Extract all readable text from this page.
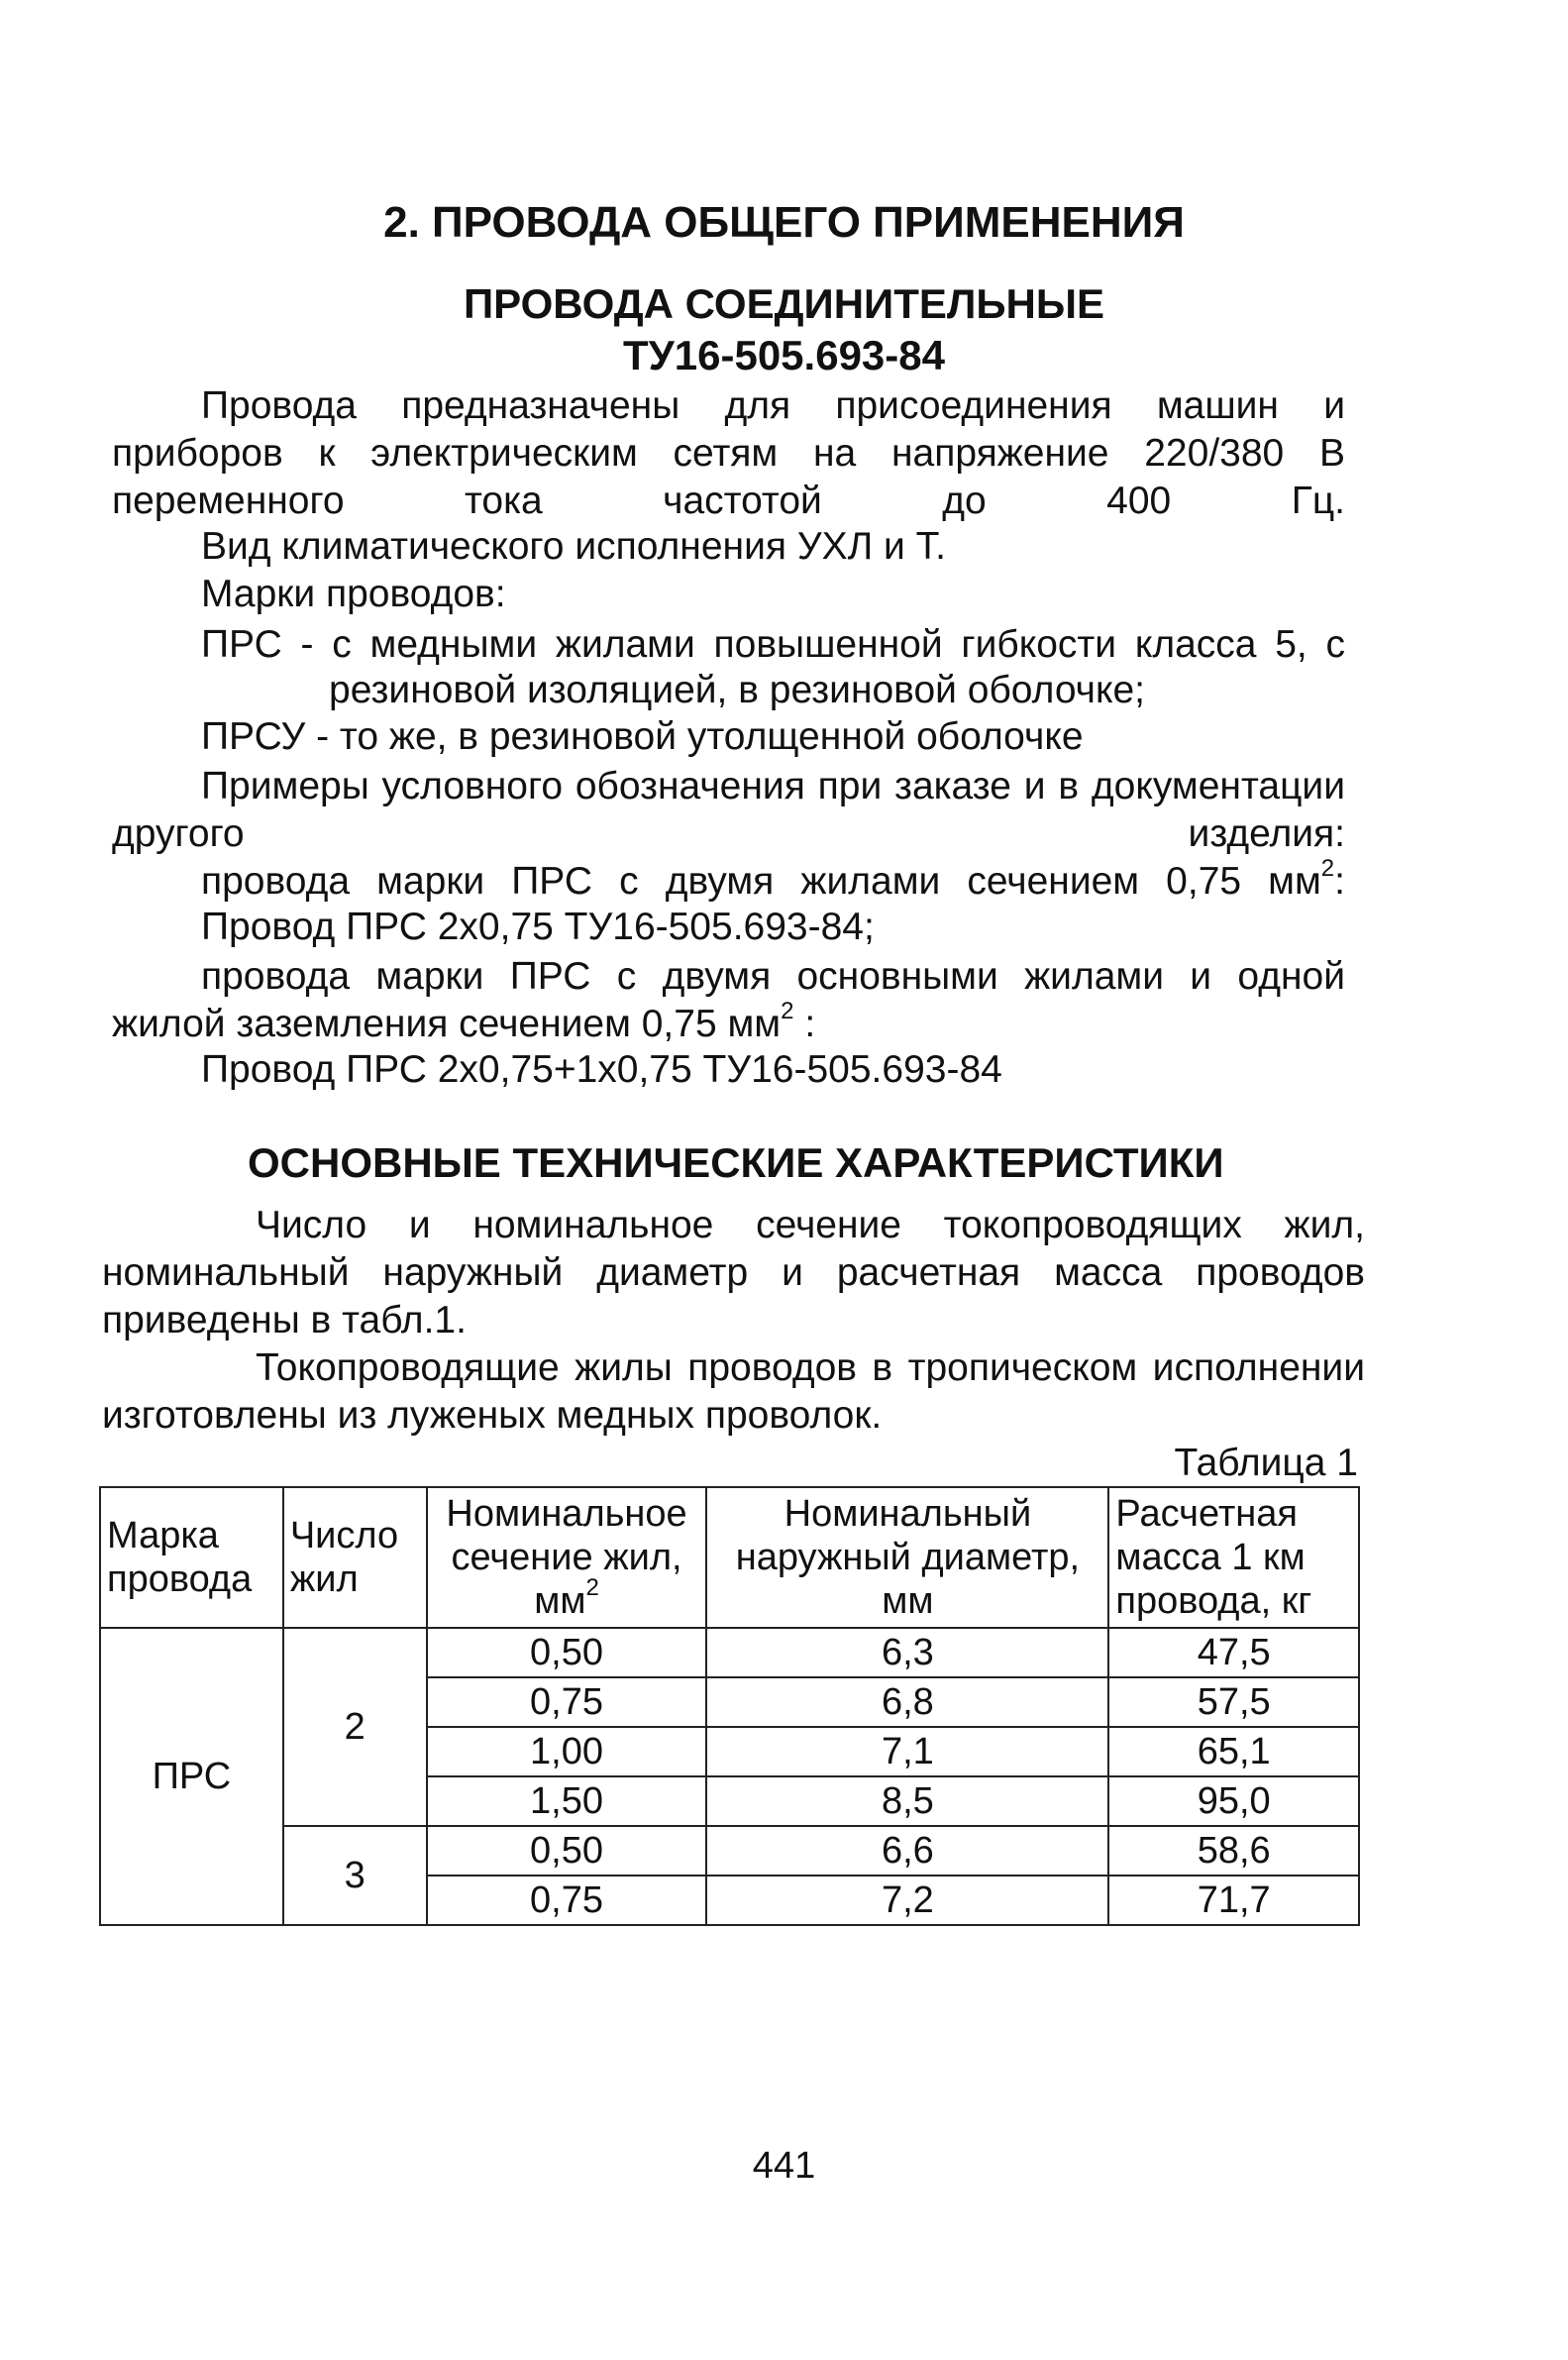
2. ПРОВОДА ОБЩЕГО ПРИМЕНЕНИЯ
ПРОВОДА СОЕДИНИТЕЛЬНЫЕ
ТУ16-505.693-84

Провода предназначены для присоединения машин и приборов к электрическим сетям на напряжение 220/380 В переменного тока частотой до 400 Гц.

Вид климатического исполнения УХЛ и Т.
Марки проводов:

ПРС - с медными жилами повышенной гибкости класса 5, с

резиновой изоляцией, в резиновой оболочке;
ПРСУ - то же, в резиновой утолщенной оболочке

Примеры условного обозначения при заказе и в документации другого изделия:

провода марки ПРС с двумя жилами сечением 0,75 $мм^2$:

Провод ПРС 2х0,75 ТУ16-505.693-84;

провода марки ПРС с двумя основными жилами и одной жилой заземления сечением 0,75 $мм^2$ :

Провод ПРС 2х0,75+1х0,75 ТУ16-505.693-84
ОСНОВНЫЕ ТЕХНИЧЕСКИЕ ХАРАКТЕРИСТИКИ

Число и номинальное сечение токопроводящих жил, номинальный наружный диаметр и расчетная масса проводов приведены в табл.1.

Токопроводящие жилы проводов в тропическом исполнении изготовлены из луженых медных проволок.

Таблица 1
Марка провода	Число жил	Номинальное сечение жил, $мм^2$	Номинальный наружный диаметр, мм	Расчетная масса 1 км провода, кг
ПРС	2	0,50	6,3	47,5
		0,75	6,8	57,5
		1,00	7,1	65,1
		1,50	8,5	95,0
	3	0,50	6,6	58,6
		0,75	7,2	71,7
441
